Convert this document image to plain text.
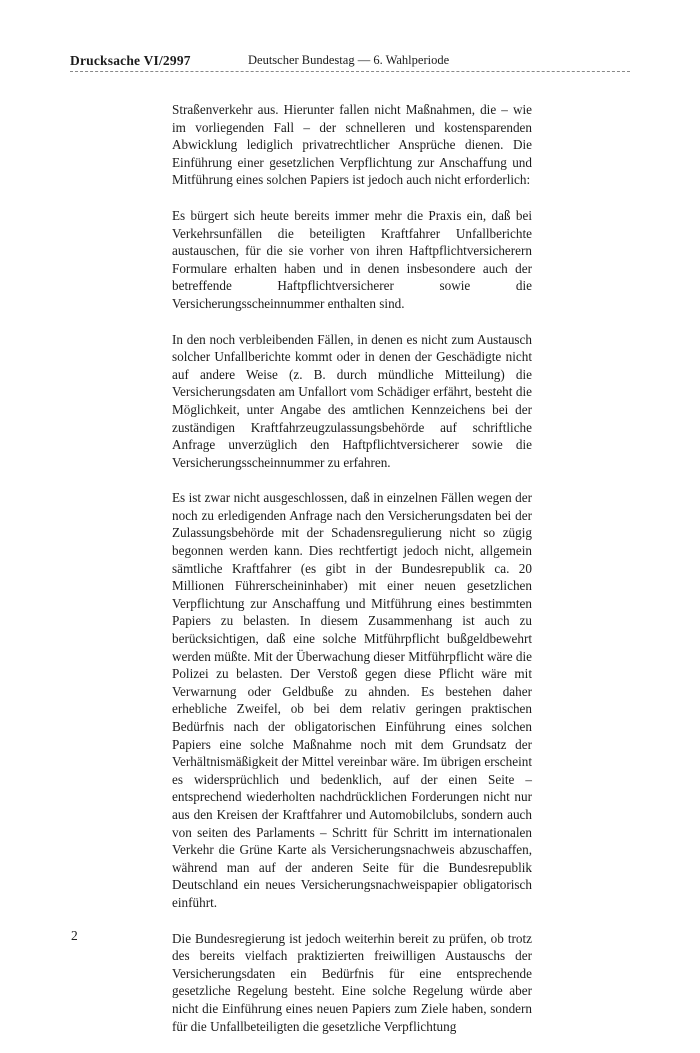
Drucksache VI/2997	Deutscher Bundestag — 6. Wahlperiode

Straßenverkehr aus. Hierunter fallen nicht Maßnahmen, die – wie im vorliegenden Fall – der schnelleren und kostensparenden Abwicklung lediglich privatrechtlicher Ansprüche dienen. Die Einführung einer gesetzlichen Verpflichtung zur Anschaffung und Mitführung eines solchen Papiers ist jedoch auch nicht erforderlich:

Es bürgert sich heute bereits immer mehr die Praxis ein, daß bei Verkehrsunfällen die beteiligten Kraftfahrer Unfallberichte austauschen, für die sie vorher von ihren Haftpflichtversicherern Formulare erhalten haben und in denen insbesondere auch der betreffende Haftpflichtversicherer sowie die Versicherungsscheinnummer enthalten sind.

In den noch verbleibenden Fällen, in denen es nicht zum Austausch solcher Unfallberichte kommt oder in denen der Geschädigte nicht auf andere Weise (z. B. durch mündliche Mitteilung) die Versicherungsdaten am Unfallort vom Schädiger erfährt, besteht die Möglichkeit, unter Angabe des amtlichen Kennzeichens bei der zuständigen Kraftfahrzeugzulassungsbehörde auf schriftliche Anfrage unverzüglich den Haftpflichtversicherer sowie die Versicherungsscheinnummer zu erfahren.

Es ist zwar nicht ausgeschlossen, daß in einzelnen Fällen wegen der noch zu erledigenden Anfrage nach den Versicherungsdaten bei der Zulassungsbehörde mit der Schadensregulierung nicht so zügig begonnen werden kann. Dies rechtfertigt jedoch nicht, allgemein sämtliche Kraftfahrer (es gibt in der Bundesrepublik ca. 20 Millionen Führerscheininhaber) mit einer neuen gesetzlichen Verpflichtung zur Anschaffung und Mitführung eines bestimmten Papiers zu belasten. In diesem Zusammenhang ist auch zu berücksichtigen, daß eine solche Mitführpflicht bußgeldbewehrt werden müßte. Mit der Überwachung dieser Mitführpflicht wäre die Polizei zu belasten. Der Verstoß gegen diese Pflicht wäre mit Verwarnung oder Geldbuße zu ahnden. Es bestehen daher erhebliche Zweifel, ob bei dem relativ geringen praktischen Bedürfnis nach der obligatorischen Einführung eines solchen Papiers eine solche Maßnahme noch mit dem Grundsatz der Verhältnismäßigkeit der Mittel vereinbar wäre. Im übrigen erscheint es widersprüchlich und bedenklich, auf der einen Seite – entsprechend wiederholten nachdrücklichen Forderungen nicht nur aus den Kreisen der Kraftfahrer und Automobilclubs, sondern auch von seiten des Parlaments – Schritt für Schritt im internationalen Verkehr die Grüne Karte als Versicherungsnachweis abzuschaffen, während man auf der anderen Seite für die Bundesrepublik Deutschland ein neues Versicherungsnachweispapier obligatorisch einführt.

Die Bundesregierung ist jedoch weiterhin bereit zu prüfen, ob trotz des bereits vielfach praktizierten freiwilligen Austauschs der Versicherungsdaten ein Bedürfnis für eine entsprechende gesetzliche Regelung besteht. Eine solche Regelung würde aber nicht die Einführung eines neuen Papiers zum Ziele haben, sondern für die Unfallbeteiligten die gesetzliche Verpflichtung

2
